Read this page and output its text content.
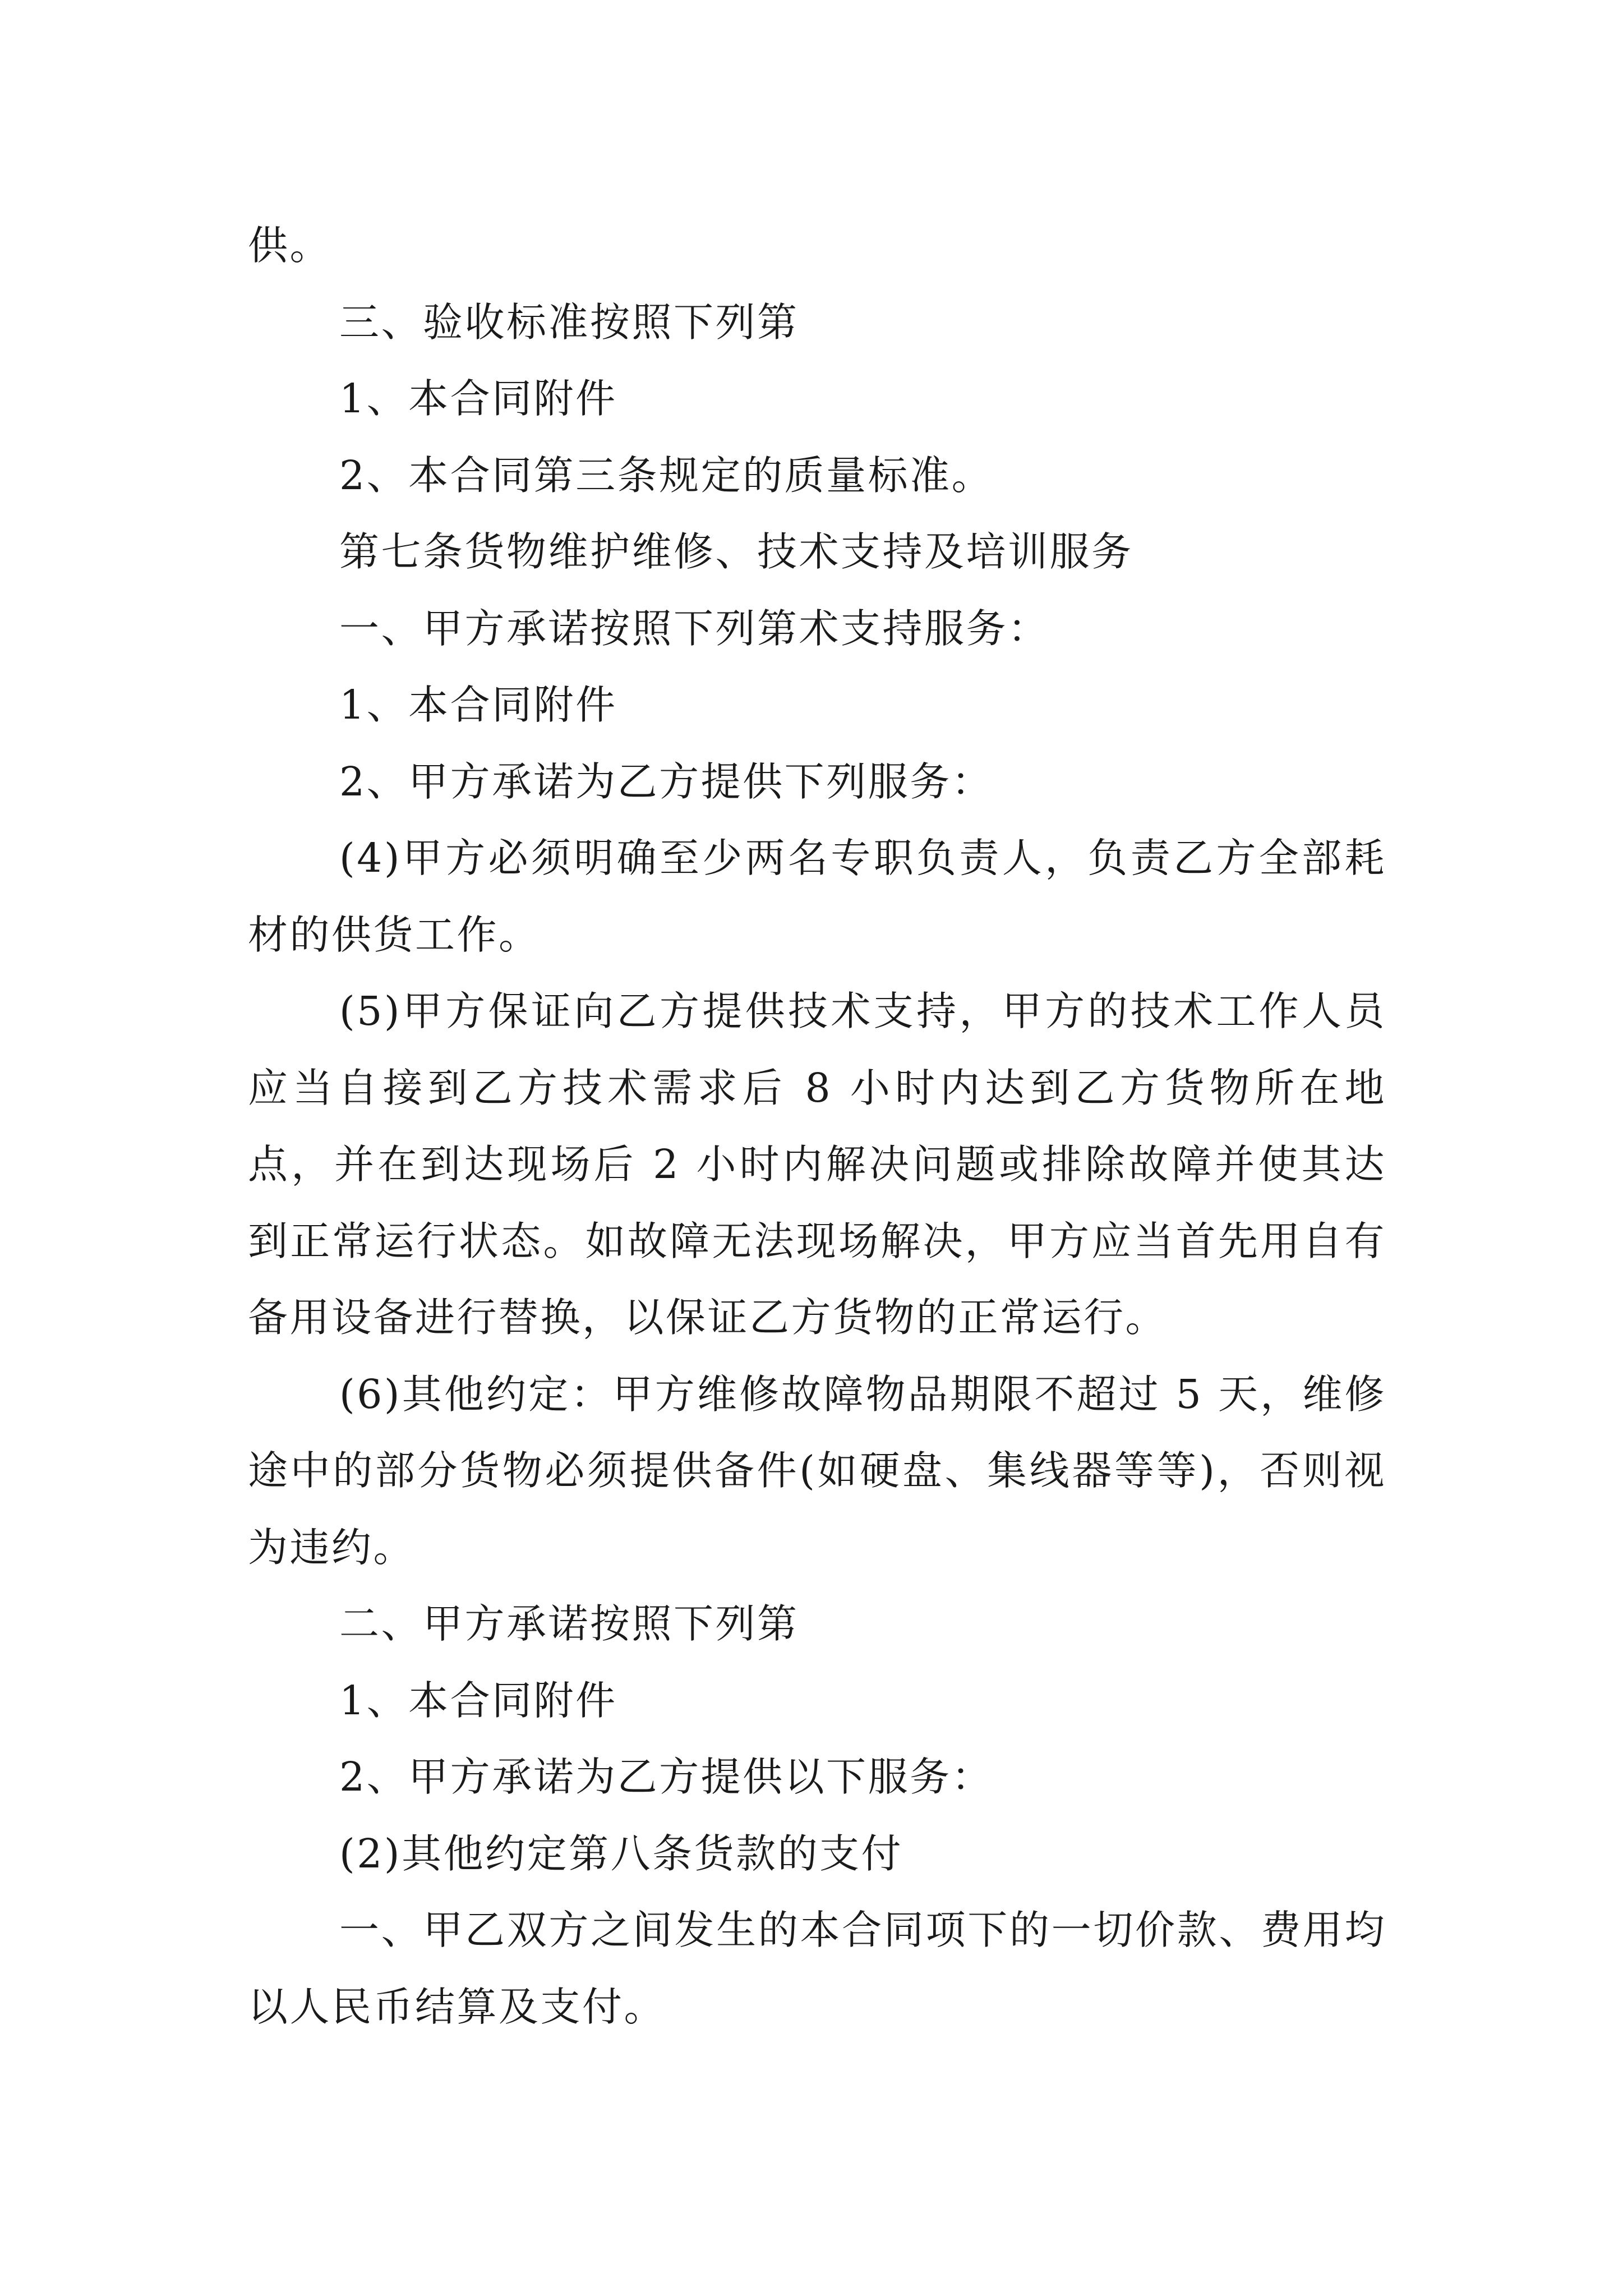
供。

三、验收标准按照下列第

1、本合同附件

2、本合同第三条规定的质量标准。

第七条货物维护维修、技术支持及培训服务

一、甲方承诺按照下列第术支持服务：

1、本合同附件

2、甲方承诺为乙方提供下列服务：

(4)甲方必须明确至少两名专职负责人，负责乙方全部耗材的供货工作。

(5)甲方保证向乙方提供技术支持，甲方的技术工作人员应当自接到乙方技术需求后 8 小时内达到乙方货物所在地点，并在到达现场后 2 小时内解决问题或排除故障并使其达到正常运行状态。如故障无法现场解决，甲方应当首先用自有备用设备进行替换，以保证乙方货物的正常运行。

(6)其他约定：甲方维修故障物品期限不超过 5 天，维修途中的部分货物必须提供备件(如硬盘、集线器等等)，否则视为违约。

二、甲方承诺按照下列第

1、本合同附件

2、甲方承诺为乙方提供以下服务：

(2)其他约定第八条货款的支付

一、甲乙双方之间发生的本合同项下的一切价款、费用均以人民币结算及支付。
